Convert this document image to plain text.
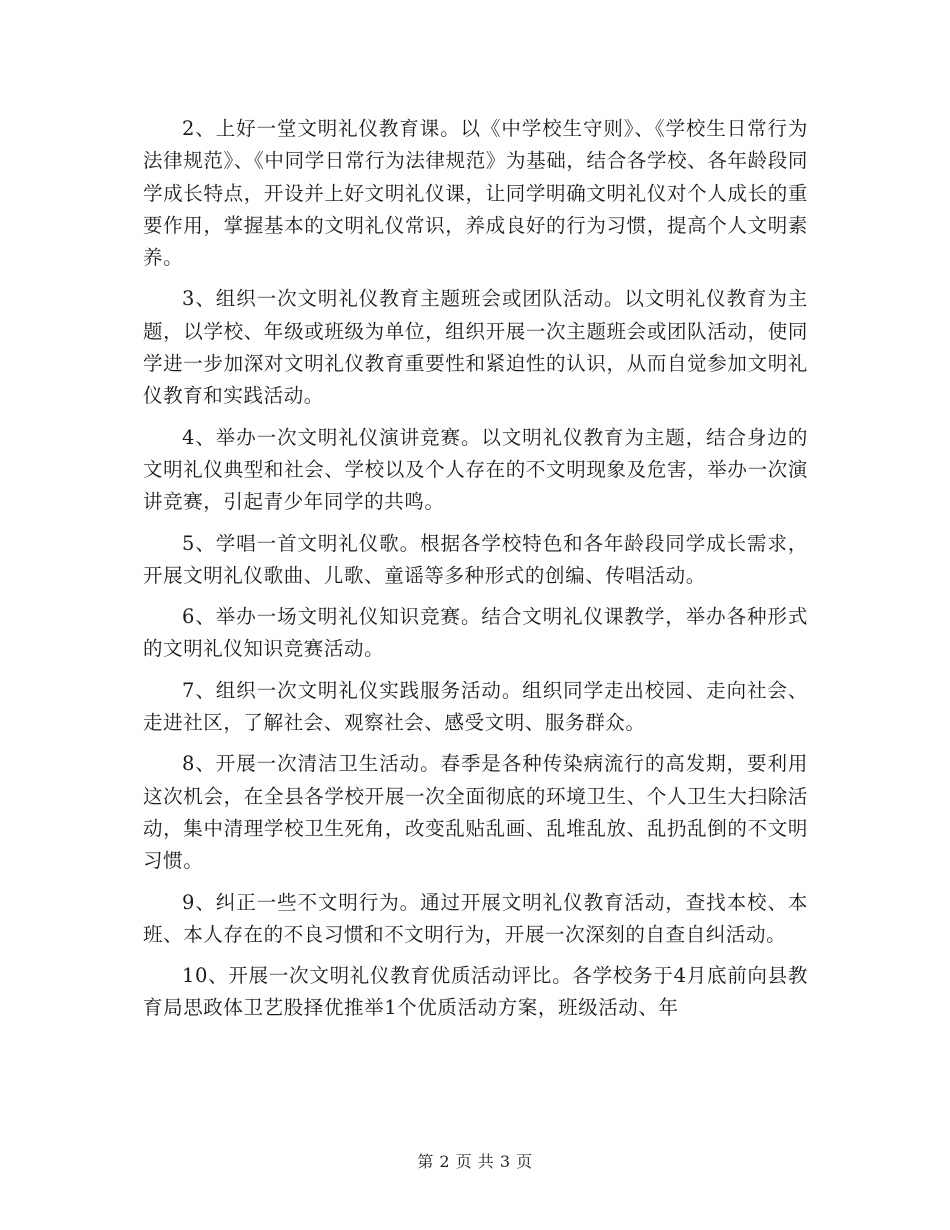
2、上好一堂文明礼仪教育课。以《中学校生守则》、《学校生日常行为法律规范》、《中同学日常行为法律规范》为基础，结合各学校、各年龄段同学成长特点，开设并上好文明礼仪课，让同学明确文明礼仪对个人成长的重要作用，掌握基本的文明礼仪常识，养成良好的行为习惯，提高个人文明素养。

3、组织一次文明礼仪教育主题班会或团队活动。以文明礼仪教育为主题，以学校、年级或班级为单位，组织开展一次主题班会或团队活动，使同学进一步加深对文明礼仪教育重要性和紧迫性的认识，从而自觉参加文明礼仪教育和实践活动。

4、举办一次文明礼仪演讲竞赛。以文明礼仪教育为主题，结合身边的文明礼仪典型和社会、学校以及个人存在的不文明现象及危害，举办一次演讲竞赛，引起青少年同学的共鸣。

5、学唱一首文明礼仪歌。根据各学校特色和各年龄段同学成长需求，开展文明礼仪歌曲、儿歌、童谣等多种形式的创编、传唱活动。

6、举办一场文明礼仪知识竞赛。结合文明礼仪课教学，举办各种形式的文明礼仪知识竞赛活动。

7、组织一次文明礼仪实践服务活动。组织同学走出校园、走向社会、走进社区，了解社会、观察社会、感受文明、服务群众。

8、开展一次清洁卫生活动。春季是各种传染病流行的高发期，要利用这次机会，在全县各学校开展一次全面彻底的环境卫生、个人卫生大扫除活动，集中清理学校卫生死角，改变乱贴乱画、乱堆乱放、乱扔乱倒的不文明习惯。

9、纠正一些不文明行为。通过开展文明礼仪教育活动，查找本校、本班、本人存在的不良习惯和不文明行为，开展一次深刻的自查自纠活动。

10、开展一次文明礼仪教育优质活动评比。各学校务于4月底前向县教育局思政体卫艺股择优推举1个优质活动方案，班级活动、年

第 2 页 共 3 页
